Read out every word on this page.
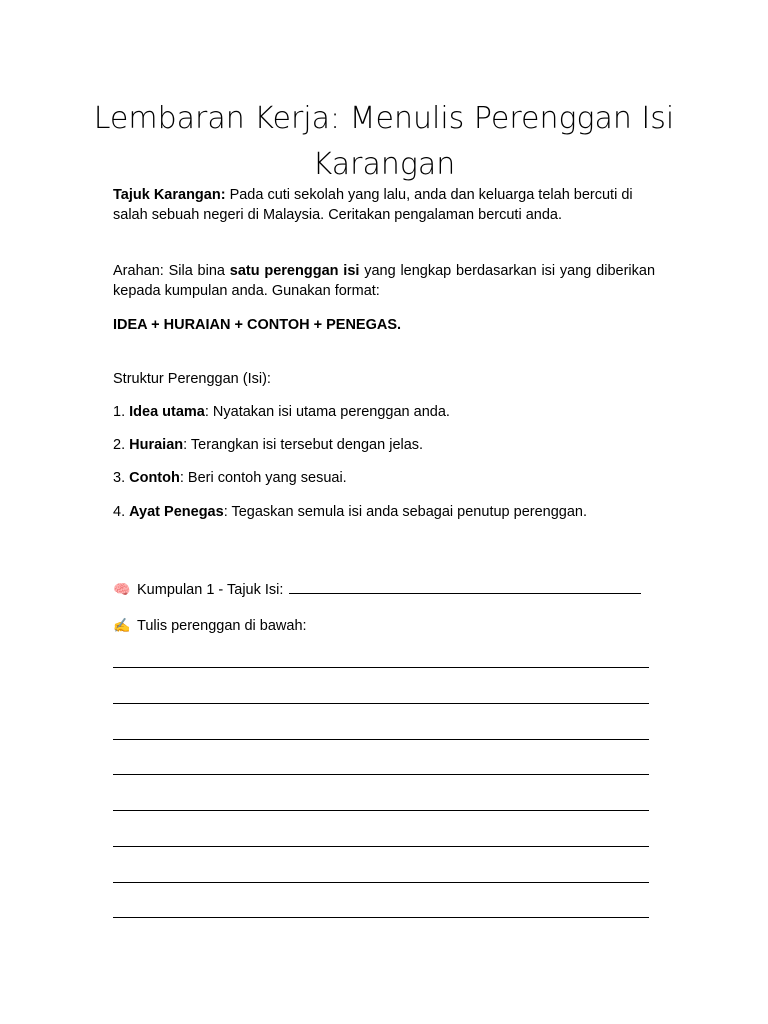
Lembaran Kerja: Menulis Perenggan Isi Karangan
Tajuk Karangan: Pada cuti sekolah yang lalu, anda dan keluarga telah bercuti di salah sebuah negeri di Malaysia. Ceritakan pengalaman bercuti anda.
Arahan: Sila bina satu perenggan isi yang lengkap berdasarkan isi yang diberikan kepada kumpulan anda. Gunakan format:
IDEA + HURAIAN + CONTOH + PENEGAS.
Struktur Perenggan (Isi):
1. Idea utama: Nyatakan isi utama perenggan anda.
2. Huraian: Terangkan isi tersebut dengan jelas.
3. Contoh: Beri contoh yang sesuai.
4. Ayat Penegas: Tegaskan semula isi anda sebagai penutup perenggan.
🧠 Kumpulan 1 - Tajuk Isi:
✍ Tulis perenggan di bawah:
